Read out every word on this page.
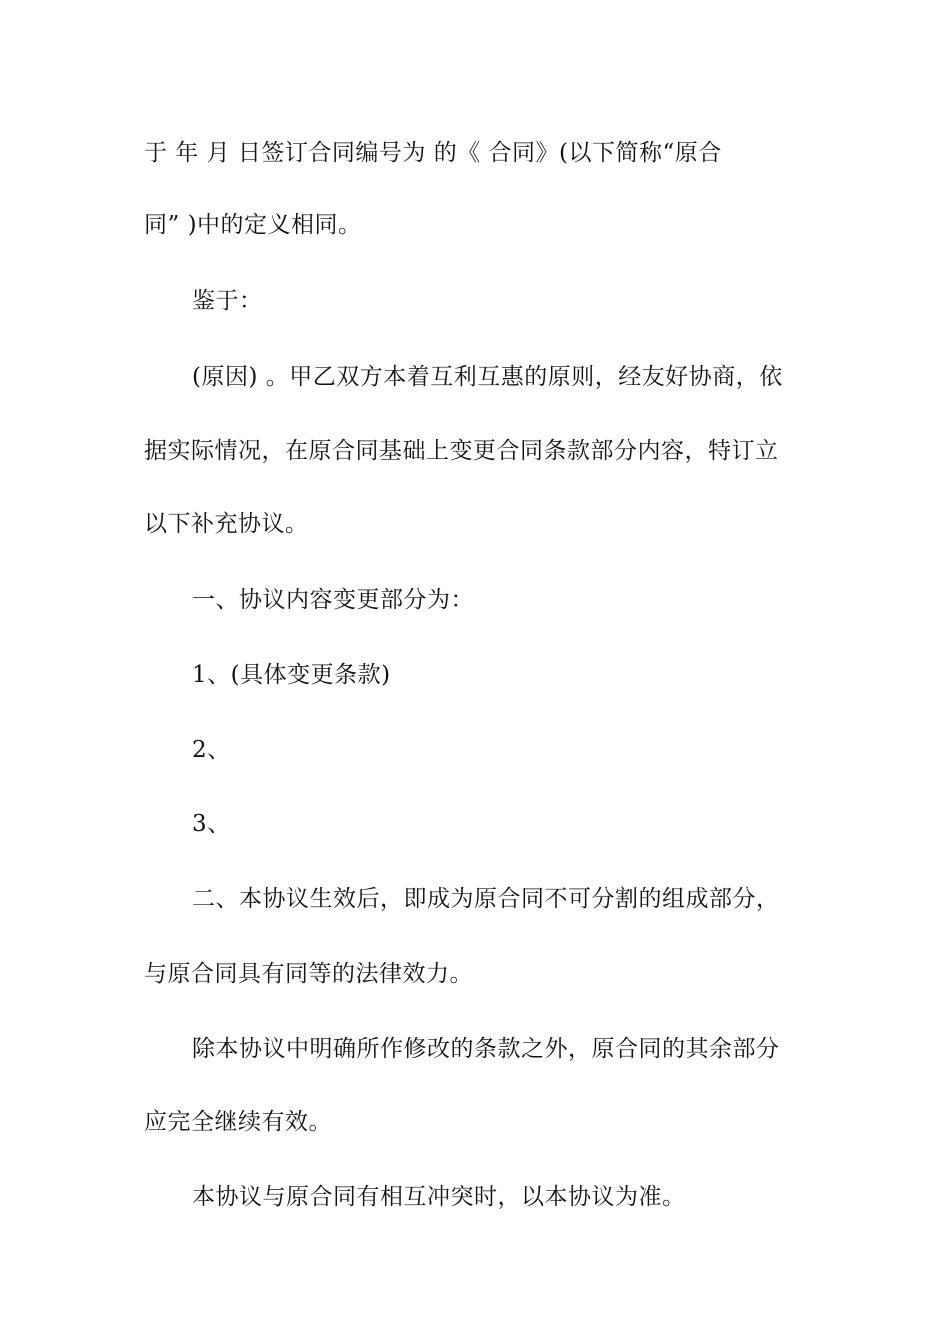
于 年 月 日签订合同编号为 的《 合同》(以下简称“原合
同” )中的定义相同。
鉴于：
(原因) 。甲乙双方本着互利互惠的原则，经友好协商，依
据实际情况，在原合同基础上变更合同条款部分内容，特订立
以下补充协议。
一、协议内容变更部分为：
1、(具体变更条款)
2、
3、
二、本协议生效后，即成为原合同不可分割的组成部分，
与原合同具有同等的法律效力。
除本协议中明确所作修改的条款之外，原合同的其余部分
应完全继续有效。
本协议与原合同有相互冲突时，以本协议为准。
